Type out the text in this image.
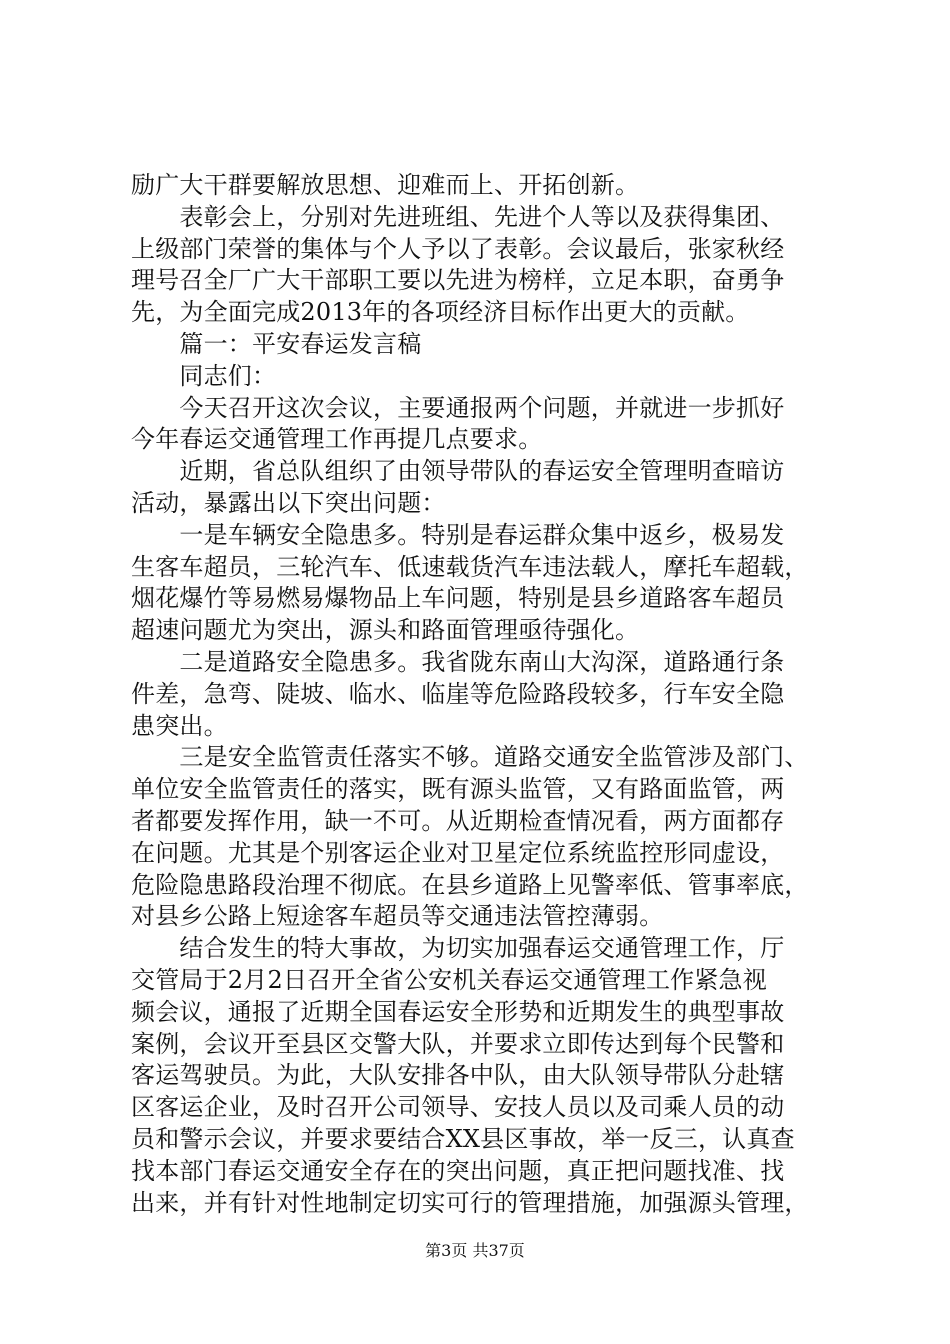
励广大干群要解放思想、迎难而上、开拓创新。
　　表彰会上，分别对先进班组、先进个人等以及获得集团、
上级部门荣誉的集体与个人予以了表彰。会议最后，张家秋经
理号召全厂广大干部职工要以先进为榜样，立足本职，奋勇争
先，为全面完成2013年的各项经济目标作出更大的贡献。
　　篇一：平安春运发言稿
　　同志们：
　　今天召开这次会议，主要通报两个问题，并就进一步抓好
今年春运交通管理工作再提几点要求。
　　近期，省总队组织了由领导带队的春运安全管理明查暗访
活动，暴露出以下突出问题：
　　一是车辆安全隐患多。特别是春运群众集中返乡，极易发
生客车超员，三轮汽车、低速载货汽车违法载人，摩托车超载，
烟花爆竹等易燃易爆物品上车问题，特别是县乡道路客车超员
超速问题尤为突出，源头和路面管理亟待强化。
　　二是道路安全隐患多。我省陇东南山大沟深，道路通行条
件差，急弯、陡坡、临水、临崖等危险路段较多，行车安全隐
患突出。
　　三是安全监管责任落实不够。道路交通安全监管涉及部门、
单位安全监管责任的落实，既有源头监管，又有路面监管，两
者都要发挥作用，缺一不可。从近期检查情况看，两方面都存
在问题。尤其是个别客运企业对卫星定位系统监控形同虚设，
危险隐患路段治理不彻底。在县乡道路上见警率低、管事率底，
对县乡公路上短途客车超员等交通违法管控薄弱。
　　结合发生的特大事故，为切实加强春运交通管理工作，厅
交管局于2月2日召开全省公安机关春运交通管理工作紧急视
频会议，通报了近期全国春运安全形势和近期发生的典型事故
案例，会议开至县区交警大队，并要求立即传达到每个民警和
客运驾驶员。为此，大队安排各中队，由大队领导带队分赴辖
区客运企业，及时召开公司领导、安技人员以及司乘人员的动
员和警示会议，并要求要结合XX县区事故，举一反三，认真查
找本部门春运交通安全存在的突出问题，真正把问题找准、找
出来，并有针对性地制定切实可行的管理措施，加强源头管理，
第3页 共37页
